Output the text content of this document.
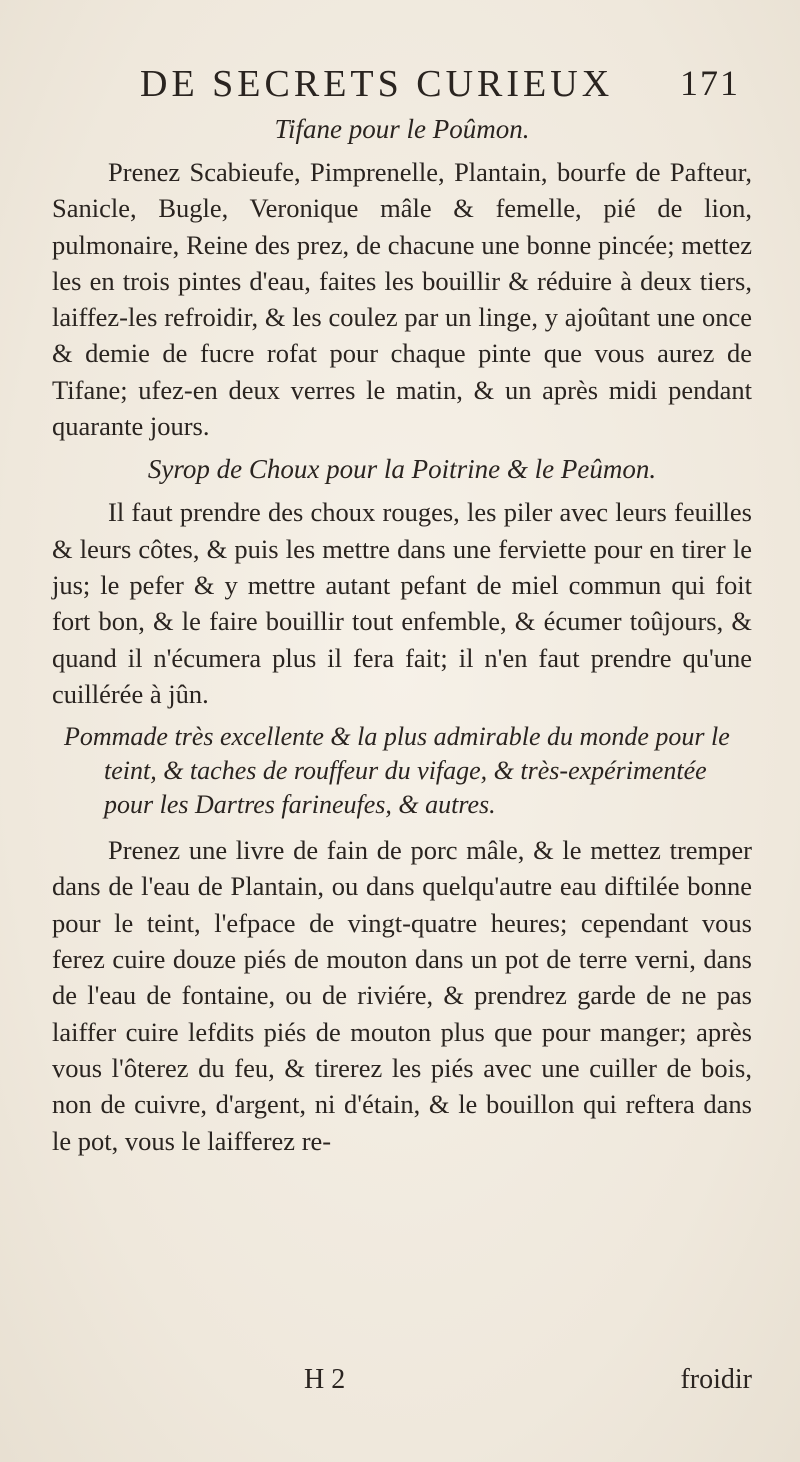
DE SECRETS CURIEUX 171
Tifane pour le Poûmon.

Prenez Scabieufe, Pimprenelle, Plantain, bourfe de Pafteur, Sanicle, Bugle, Veronique mâle & femelle, pié de lion, pulmonaire, Reine des prez, de chacune une bonne pincée; mettez les en trois pintes d'eau, faites les bouillir & réduire à deux tiers, laiffez-les refroidir, & les coulez par un linge, y ajoûtant une once & demie de fucre rofat pour chaque pinte que vous aurez de Tifane; ufez-en deux verres le matin, & un après midi pendant quarante jours.

Syrop de Choux pour la Poitrine & le Peûmon.

Il faut prendre des choux rouges, les piler avec leurs feuilles & leurs côtes, & puis les mettre dans une ferviette pour en tirer le jus; le pefer & y mettre autant pefant de miel commun qui foit fort bon, & le faire bouillir tout enfemble, & écumer toûjours, & quand il n'écumera plus il fera fait; il n'en faut prendre qu'une cuillérée à jûn.

Pommade très excellente & la plus admirable du monde pour le teint, & taches de rouffeur du vifage, & très-expérimentée pour les Dartres farineufes, & autres.

Prenez une livre de fain de porc mâle, & le mettez tremper dans de l'eau de Plantain, ou dans quelqu'autre eau diftilée bonne pour le teint, l'efpace de vingt-quatre heures; cependant vous ferez cuire douze piés de mouton dans un pot de terre verni, dans de l'eau de fontaine, ou de riviére, & prendrez garde de ne pas laiffer cuire lefdits piés de mouton plus que pour manger; après vous l'ôterez du feu, & tirerez les piés avec une cuiller de bois, non de cuivre, d'argent, ni d'étain, & le bouillon qui reftera dans le pot, vous le laifferez re-

H 2	froidir
